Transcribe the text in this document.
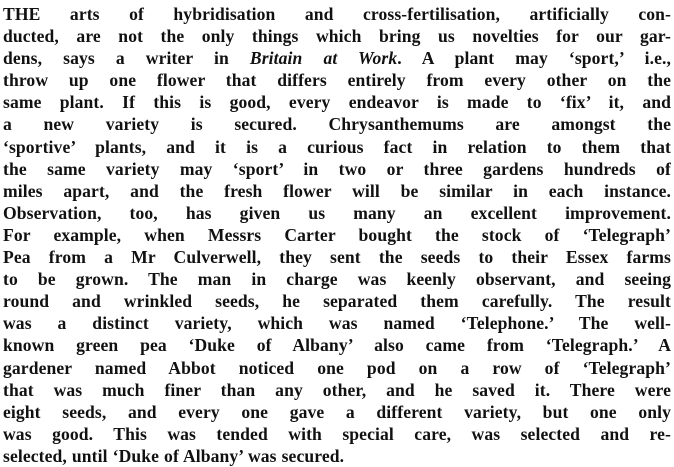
THE arts of hybridisation and cross-fertilisation, artificially con-
ducted, are not the only things which bring us novelties for our gar-
dens, says a writer in Britain at Work. A plant may ‘sport,’ i.e.,
throw up one flower that differs entirely from every other on the
same plant. If this is good, every endeavor is made to ‘fix’ it, and
a new variety is secured. Chrysanthemums are amongst the
‘sportive’ plants, and it is a curious fact in relation to them that
the same variety may ‘sport’ in two or three gardens hundreds of
miles apart, and the fresh flower will be similar in each instance.
Observation, too, has given us many an excellent improvement.
For example, when Messrs Carter bought the stock of ‘Telegraph’
Pea from a Mr Culverwell, they sent the seeds to their Essex farms
to be grown. The man in charge was keenly observant, and seeing
round and wrinkled seeds, he separated them carefully. The result
was a distinct variety, which was named ‘Telephone.’ The well-
known green pea ‘Duke of Albany’ also came from ‘Telegraph.’ A
gardener named Abbot noticed one pod on a row of ‘Telegraph’
that was much finer than any other, and he saved it. There were
eight seeds, and every one gave a different variety, but one only
was good. This was tended with special care, was selected and re-
selected, until ‘Duke of Albany’ was secured.
